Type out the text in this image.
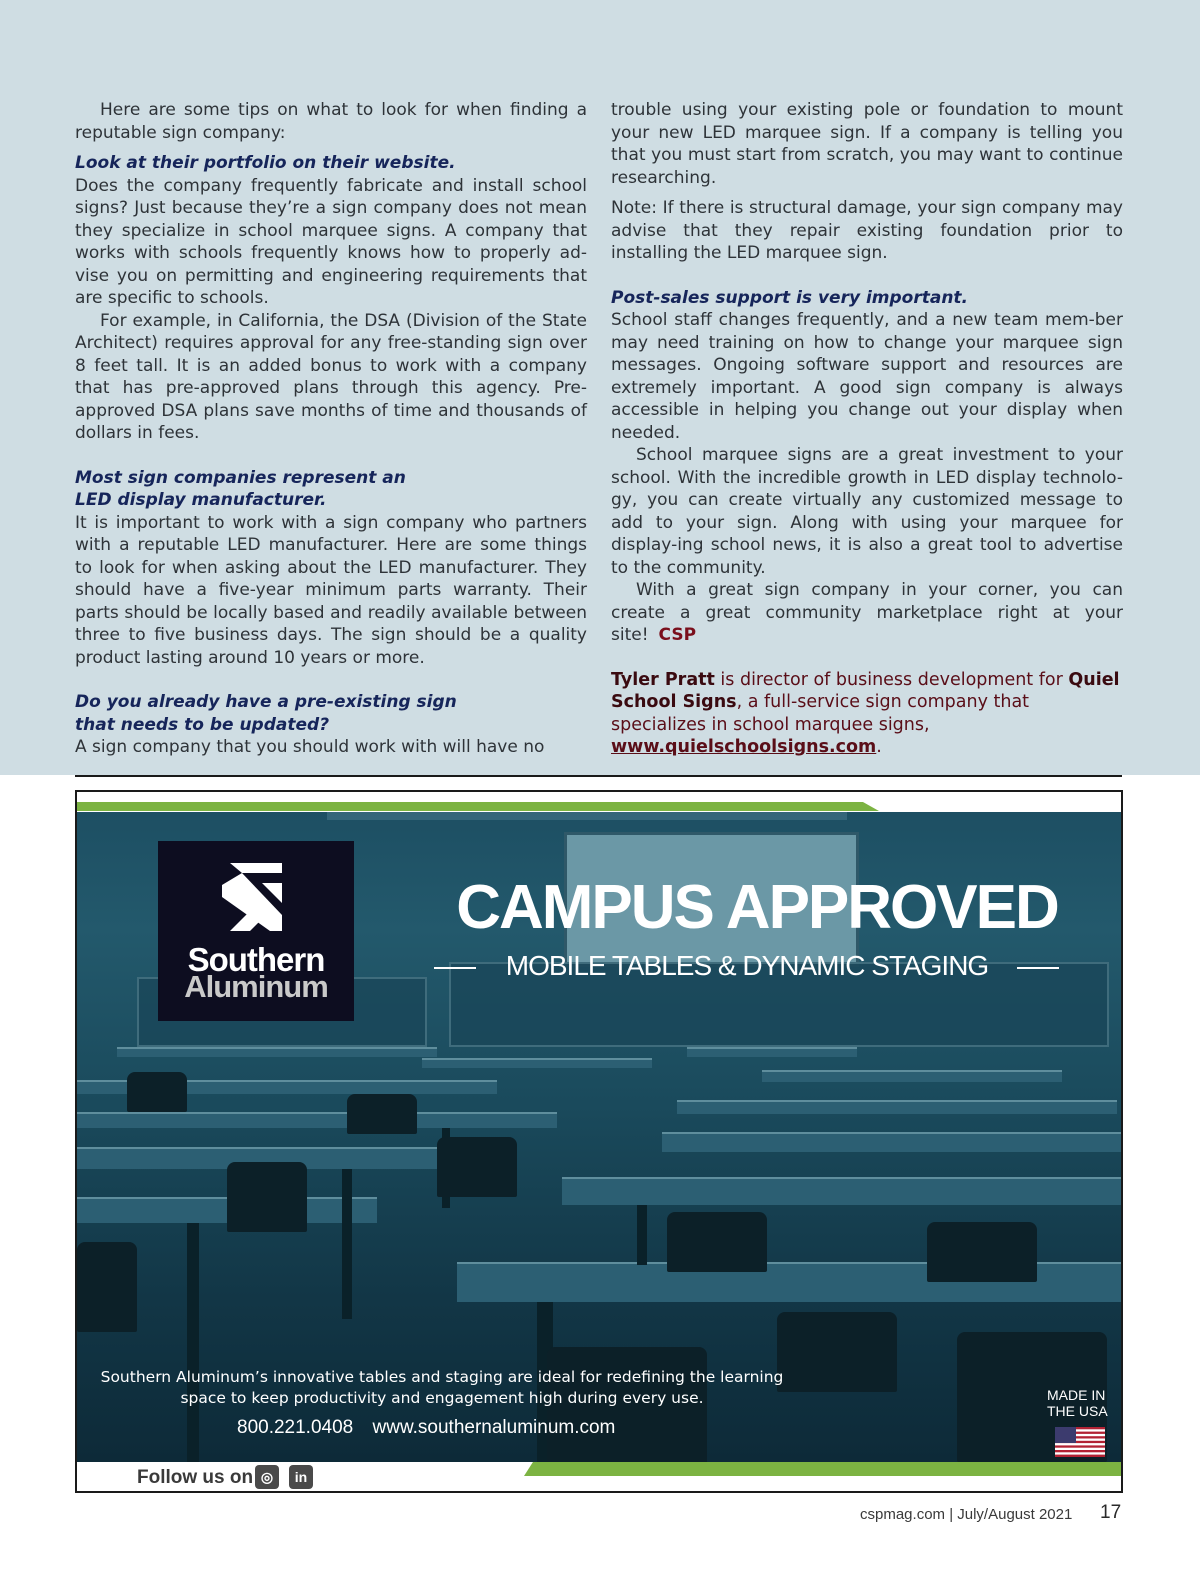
Here are some tips on what to look for when finding a reputable sign company:

Look at their portfolio on their website.

Does the company frequently fabricate and install school signs? Just because they’re a sign company does not mean they specialize in school marquee signs. A company that works with schools frequently knows how to properly ad-vise you on permitting and engineering requirements that are specific to schools.

For example, in California, the DSA (Division of the State Architect) requires approval for any free-standing sign over 8 feet tall. It is an added bonus to work with a company that has pre-approved plans through this agency. Pre-approved DSA plans save months of time and thousands of dollars in fees.

Most sign companies represent an
LED display manufacturer.

It is important to work with a sign company who partners with a reputable LED manufacturer. Here are some things to look for when asking about the LED manufacturer. They should have a five-year minimum parts warranty. Their parts should be locally based and readily available between three to five business days. The sign should be a quality product lasting around 10 years or more.

Do you already have a pre-existing sign
that needs to be updated?

A sign company that you should work with will have no

trouble using your existing pole or foundation to mount your new LED marquee sign. If a company is telling you that you must start from scratch, you may want to continue researching.

Note: If there is structural damage, your sign company may advise that they repair existing foundation prior to installing the LED marquee sign.

Post-sales support is very important.

School staff changes frequently, and a new team mem-ber may need training on how to change your marquee sign messages. Ongoing software support and resources are extremely important. A good sign company is always accessible in helping you change out your display when needed.

School marquee signs are a great investment to your school. With the incredible growth in LED display technolo-gy, you can create virtually any customized message to add to your sign. Along with using your marquee for display-ing school news, it is also a great tool to advertise to the community.

With a great sign company in your corner, you can create a great community marketplace right at your site! CSP

Tyler Pratt is director of business development for Quiel School Signs, a full-service sign company that specializes in school marquee signs, www.quielschoolsigns.com.

Southern
Aluminum
CAMPUS APPROVED
MOBILE TABLES & DYNAMIC STAGING
Southern Aluminum’s innovative tables and staging are ideal for redefining the learning space to keep productivity and engagement high during every use.
800.221.0408 www.southernaluminum.com
MADE IN
THE USA
Follow us on ◎	in
cspmag.com | July/August 2021 17
